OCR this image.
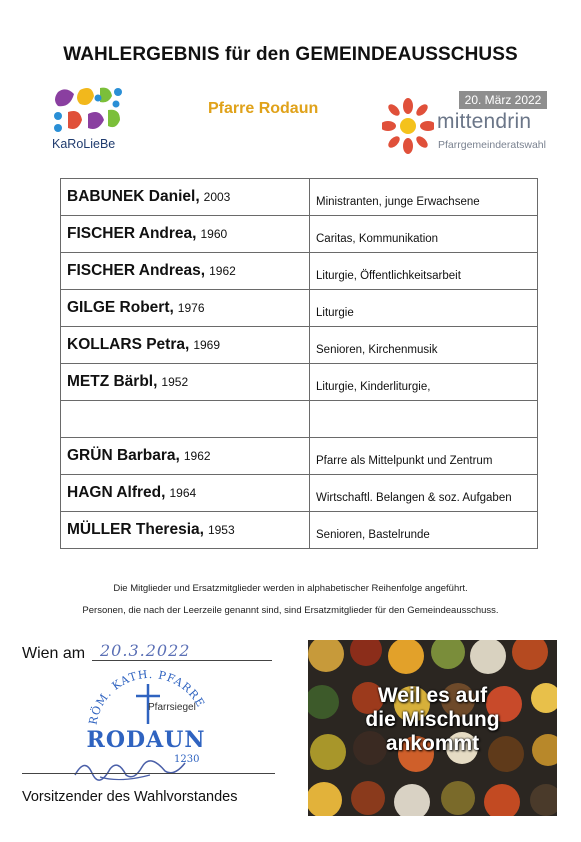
WAHLERGEBNIS für den GEMEINDEAUSSCHUSS
KaRoLieBe
Pfarre Rodaun	20. März 2022
mittendrin
Pfarrgemeinderatswahl
BABUNEK Daniel, 2003	$_{Ministranten, junge Erwachsene}$
FISCHER Andrea, 1960	$_{Caritas, Kommunikation}$
FISCHER Andreas, 1962	$_{Liturgie, Öffentlichkeitsarbeit}$
GILGE Robert, 1976	$_{Liturgie}$
KOLLARS Petra, 1969	$_{Senioren, Kirchenmusik}$
METZ Bärbl, 1952	$_{Liturgie, Kinderliturgie,}$

GRÜN Barbara, 1962	$_{Pfarre als Mittelpunkt und Zentrum}$
HAGN Alfred, 1964	$_{Wirtschaftl. Belangen \& soz. Aufgaben}$
MÜLLER Theresia, 1953	$_{Senioren, Bastelrunde}$
Die Mitglieder und Ersatzmitglieder werden in alphabetischer Reihenfolge angeführt.
Personen, die nach der Leerzeile genannt sind, sind Ersatzmitglieder für den Gemeindeausschuss.
Wien am 20.3.2022
RÖM. KATH. PFARRE
RODAUN
1230
Pfarrsiegel
Vorsitzender des Wahlvorstandes
Weil es auf
die Mischung
ankommt
